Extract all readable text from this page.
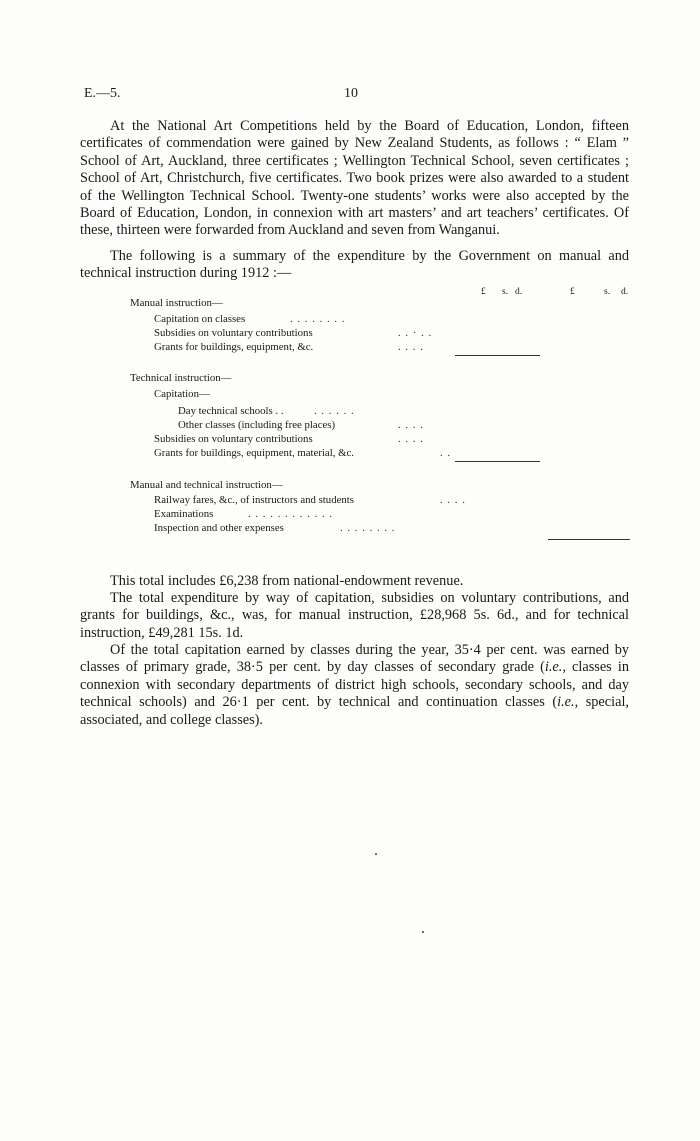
E.—5.	10

At the National Art Competitions held by the Board of Education, London, fifteen certificates of commendation were gained by New Zealand Students, as follows : “ Elam ” School of Art, Auckland, three certificates ; Wellington Technical School, seven certificates ; School of Art, Christchurch, five certificates. Two book prizes were also awarded to a student of the Wellington Technical School. Twenty-one students’ works were also accepted by the Board of Education, London, in connexion with art masters’ and art teachers’ certificates. Of these, thirteen were forwarded from Auckland and seven from Wanganui.

The following is a summary of the expenditure by the Government on manual and technical instruction during 1912 :—

£ s. d.	£	s. d.
Manual instruction—
Capitation on classes	. . . . . . . .
Subsidies on voluntary contributions	. . · . .
Grants for buildings, equipment, &c.	. . . .
Technical instruction—
Capitation—
Day technical schools . .	. . . . . .
Other classes (including free places)	. . . .
Subsidies on voluntary contributions	. . . .
Grants for buildings, equipment, material, &c.	. .
Manual and technical instruction—
Railway fares, &c., of instructors and students	. . . .
Examinations	. . . . . . . . . . . .
Inspection and other expenses	. . . . . . . .

This total includes £6,238 from national-endowment revenue.

The total expenditure by way of capitation, subsidies on voluntary contributions, and grants for buildings, &c., was, for manual instruction, £28,968 5s. 6d., and for technical instruction, £49,281 15s. 1d.

Of the total capitation earned by classes during the year, 35·4 per cent. was earned by classes of primary grade, 38·5 per cent. by day classes of secondary grade (i.e., classes in connexion with secondary departments of district high schools, secondary schools, and day technical schools) and 26·1 per cent. by technical and continuation classes (i.e., special, associated, and college classes).
